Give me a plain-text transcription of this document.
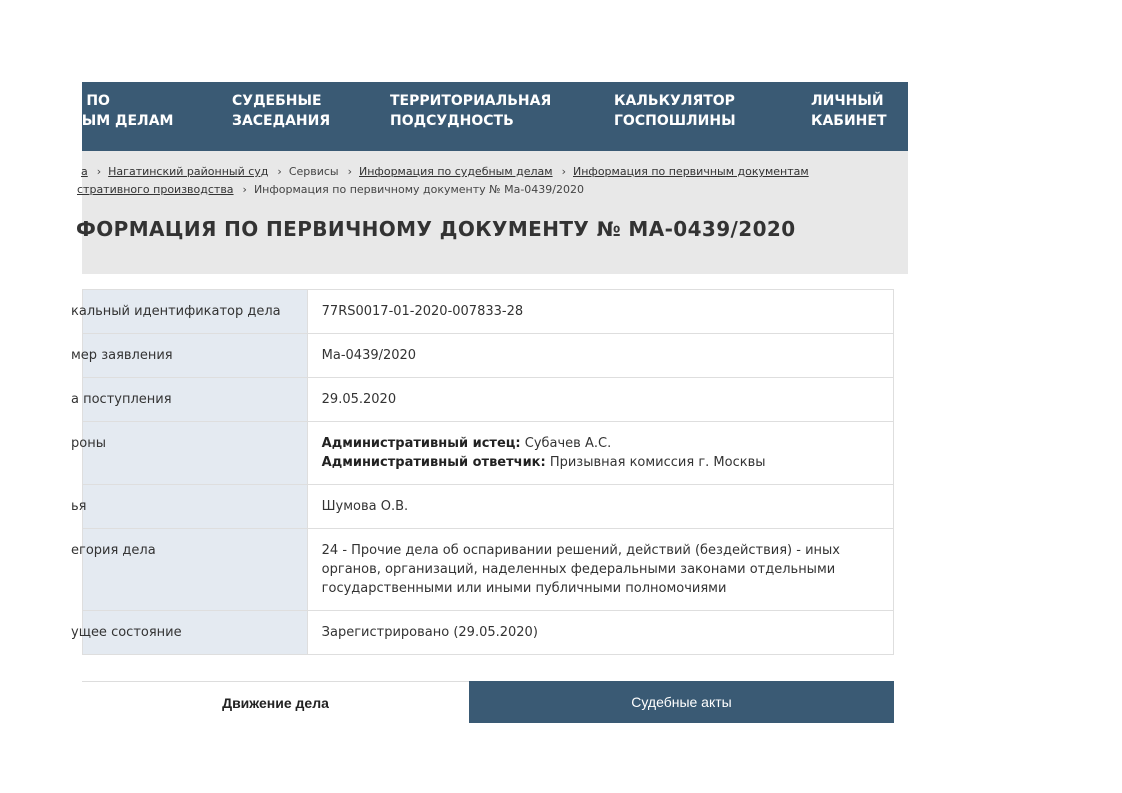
К ПО
НЫМ ДЕЛАМ
СУДЕБНЫЕ
ЗАСЕДАНИЯ
ТЕРРИТОРИАЛЬНАЯ
ПОДСУДНОСТЬ
КАЛЬКУЛЯТОР
ГОСПОШЛИНЫ
ЛИЧНЫЙ
КАБИНЕТ
а › Нагатинский районный суд › Сервисы › Информация по судебным делам › Информация по первичным документам
стративного производства › Информация по первичному документу № Ма-0439/2020
ФОРМАЦИЯ ПО ПЕРВИЧНОМУ ДОКУМЕНТУ № МА-0439/2020
кальный идентификатор дела	77RS0017-01-2020-007833-28
мер заявления	Ма-0439/2020
а поступления	29.05.2020
роны	Административный истец: Субачев А.С.
Административный ответчик: Призывная комиссия г. Москвы

ья	Шумова О.В.
егория дела	24 - Прочие дела об оспаривании решений, действий (бездействия) - иных органов, организаций, наделенных федеральными законами отдельными государственными или иными публичными полномочиями
ущее состояние	Зарегистрировано (29.05.2020)
Движение дела	Судебные акты
